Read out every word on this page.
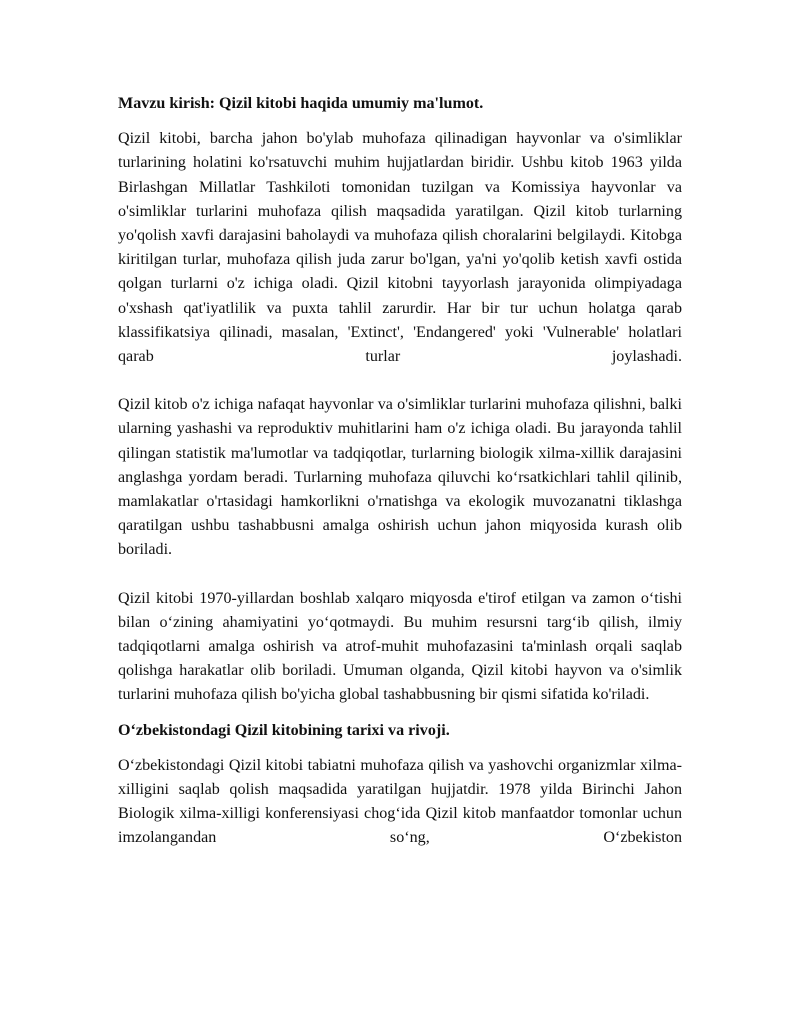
Mavzu kirish: Qizil kitobi haqida umumiy ma'lumot.
Qizil kitobi, barcha jahon bo'ylab muhofaza qilinadigan hayvonlar va o'simliklar turlarining holatini ko'rsatuvchi muhim hujjatlardan biridir. Ushbu kitob 1963 yilda Birlashgan Millatlar Tashkiloti tomonidan tuzilgan va Komissiya hayvonlar va o'simliklar turlarini muhofaza qilish maqsadida yaratilgan. Qizil kitob turlarning yo'qolish xavfi darajasini baholaydi va muhofaza qilish choralarini belgilaydi. Kitobga kiritilgan turlar, muhofaza qilish juda zarur bo'lgan, ya'ni yo'qolib ketish xavfi ostida qolgan turlarni o'z ichiga oladi. Qizil kitobni tayyorlash jarayonida olimpiyadaga o'xshash qat'iyatlilik va puxta tahlil zarurdir. Har bir tur uchun holatga qarab klassifikatsiya qilinadi, masalan, 'Extinct', 'Endangered' yoki 'Vulnerable' holatlari qarab turlar joylashadi.
Qizil kitob o'z ichiga nafaqat hayvonlar va o'simliklar turlarini muhofaza qilishni, balki ularning yashashi va reproduktiv muhitlarini ham o'z ichiga oladi. Bu jarayonda tahlil qilingan statistik ma'lumotlar va tadqiqotlar, turlarning biologik xilma-xillik darajasini anglashga yordam beradi. Turlarning muhofaza qiluvchi ko‘rsatkichlari tahlil qilinib, mamlakatlar o'rtasidagi hamkorlikni o'rnatishga va ekologik muvozanatni tiklashga qaratilgan ushbu tashabbusni amalga oshirish uchun jahon miqyosida kurash olib boriladi.
Qizil kitobi 1970-yillardan boshlab xalqaro miqyosda e'tirof etilgan va zamon o‘tishi bilan o‘zining ahamiyatini yo‘qotmaydi. Bu muhim resursni targ‘ib qilish, ilmiy tadqiqotlarni amalga oshirish va atrof-muhit muhofazasini ta'minlash orqali saqlab qolishga harakatlar olib boriladi. Umuman olganda, Qizil kitobi hayvon va o'simlik turlarini muhofaza qilish bo'yicha global tashabbusning bir qismi sifatida ko'riladi.
O‘zbekistondagi Qizil kitobining tarixi va rivoji.
O‘zbekistondagi Qizil kitobi tabiatni muhofaza qilish va yashovchi organizmlar xilma-xilligini saqlab qolish maqsadida yaratilgan hujjatdir. 1978 yilda Birinchi Jahon Biologik xilma-xilligi konferensiyasi chog‘ida Qizil kitob manfaatdor tomonlar uchun imzolangandan so‘ng, O‘zbekiston
